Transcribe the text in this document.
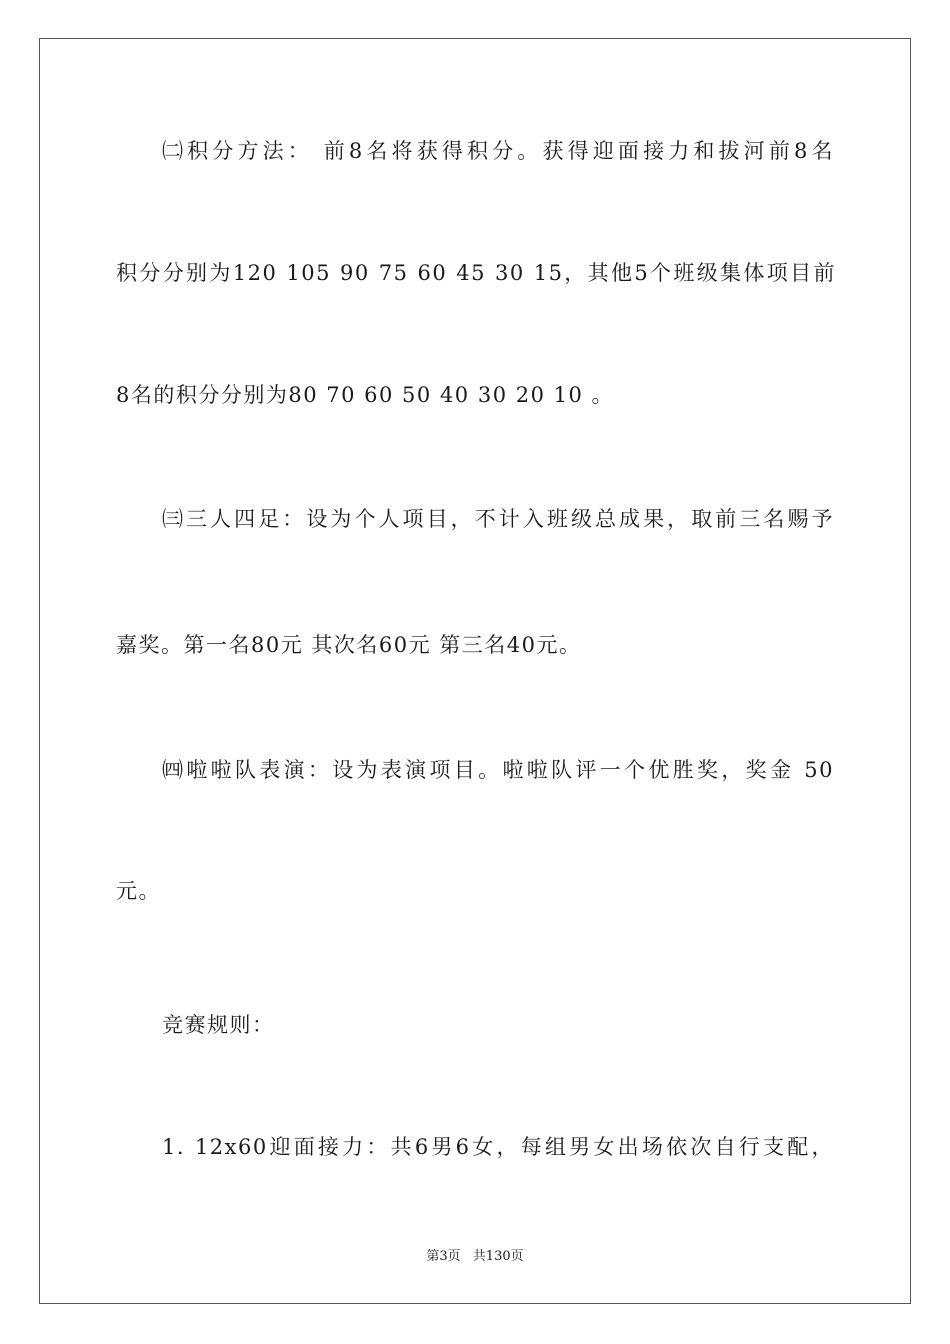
㈡积分方法： 前8名将获得积分。获得迎面接力和拔河前8名
积分分别为120 105 90 75 60 45 30 15，其他5个班级集体项目前
8名的积分分别为80 70 60 50 40 30 20 10 。
㈢三人四足：设为个人项目，不计入班级总成果，取前三名赐予
嘉奖。第一名80元 其次名60元 第三名40元。
㈣啦啦队表演：设为表演项目。啦啦队评一个优胜奖，奖金 50
元。
竞赛规则：
1. 12x60迎面接力：共6男6女，每组男女出场依次自行支配，
第3页 共130页
